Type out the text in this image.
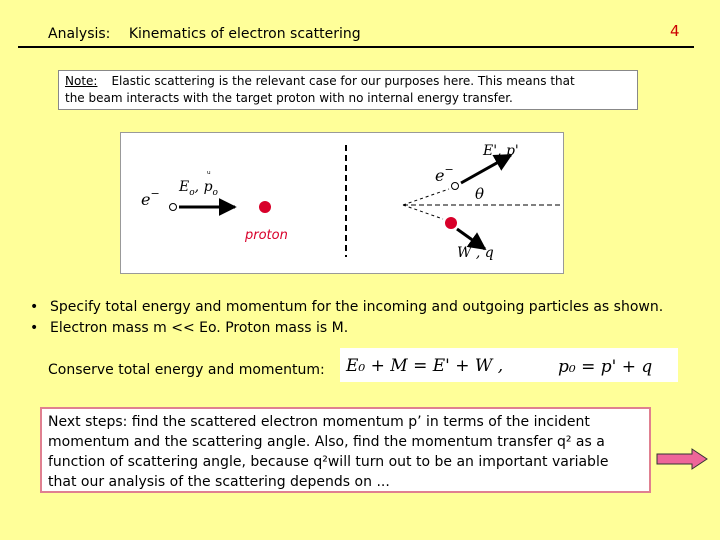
Analysis: Kinematics of electron scattering	4
Note: Elastic scattering is the relevant case for our purposes here. This means that
the beam interacts with the target proton with no internal energy transfer.
e− $E_o$, $p_o$
ᵘ
proton
e−
E', p'
θ
W , q
• Specify total energy and momentum for the incoming and outgoing particles as shown.
• Electron mass m << Eo. Proton mass is M.
Conserve total energy and momentum: E₀ + M = E' + W ,	p₀ = p' + q
Next steps: find the scattered electron momentum p’ in terms of the incident
momentum and the scattering angle. Also, find the momentum transfer q² as a
function of scattering angle, because q²will turn out to be an important variable
that our analysis of the scattering depends on ...
